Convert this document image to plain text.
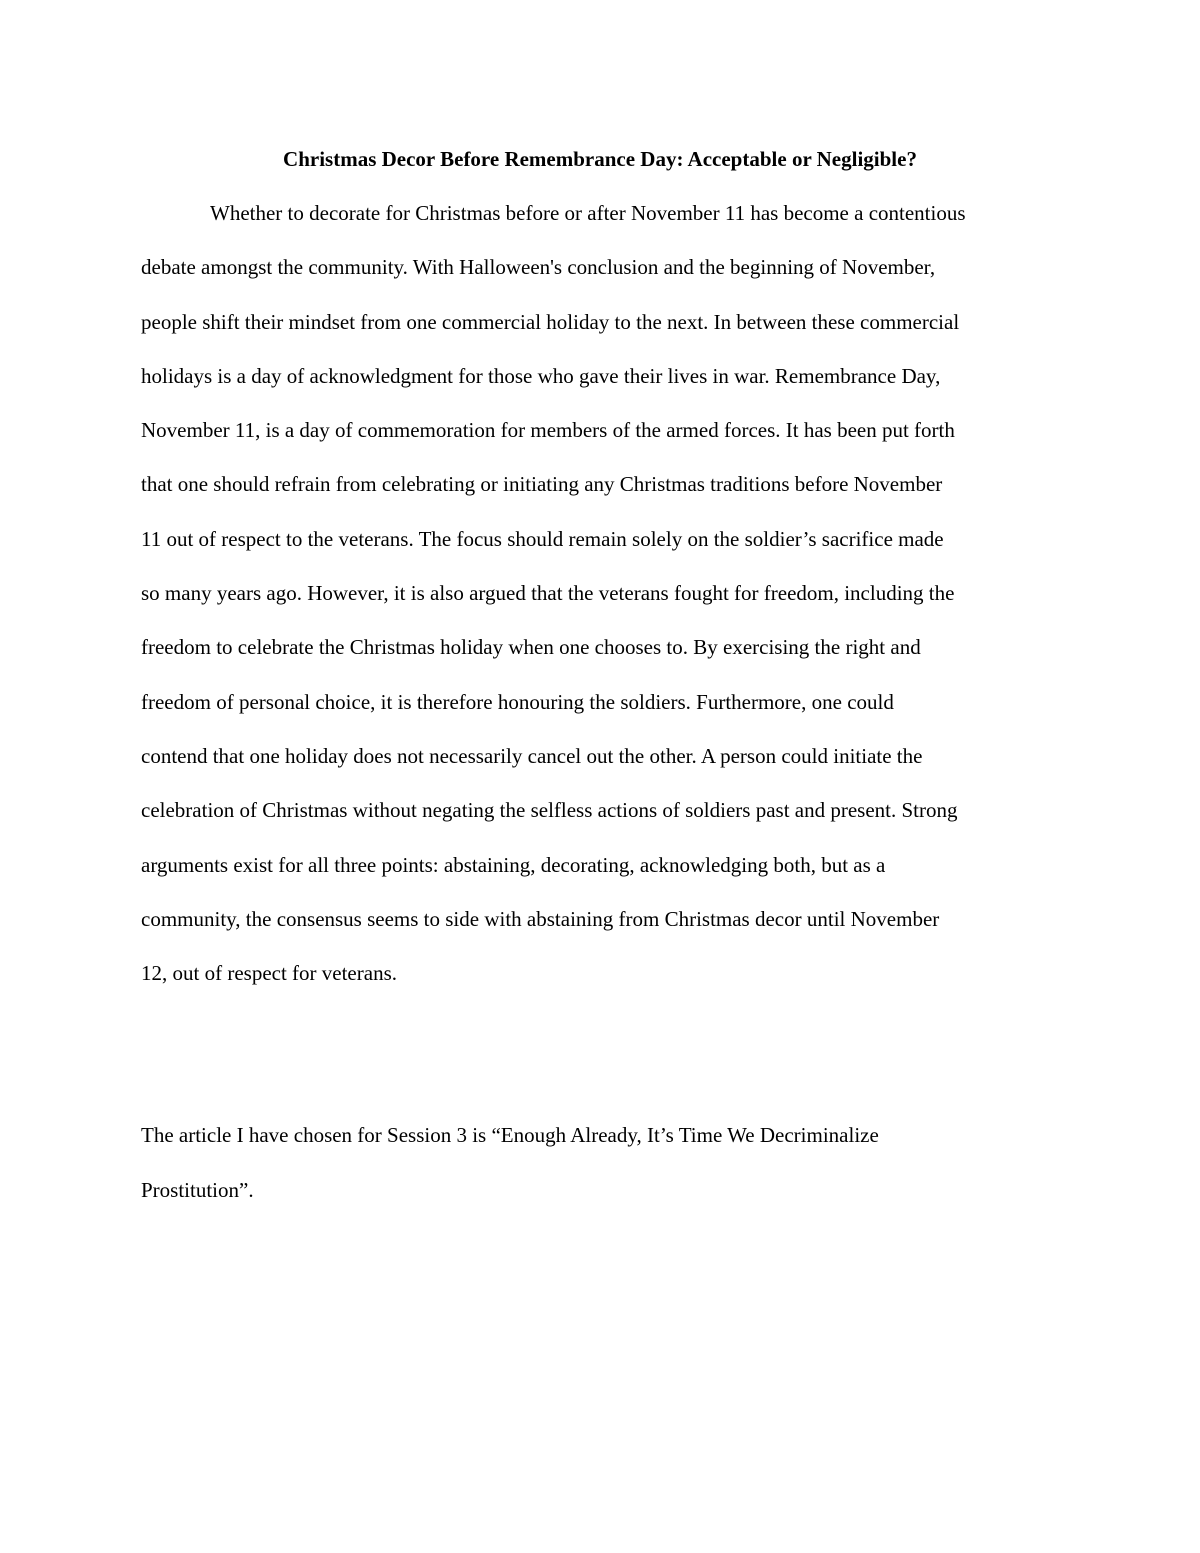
Christmas Decor Before Remembrance Day: Acceptable or Negligible?

Whether to decorate for Christmas before or after November 11 has become a contentious

debate amongst the community. With Halloween's conclusion and the beginning of November,

people shift their mindset from one commercial holiday to the next. In between these commercial

holidays is a day of acknowledgment for those who gave their lives in war. Remembrance Day,

November 11, is a day of commemoration for members of the armed forces. It has been put forth

that one should refrain from celebrating or initiating any Christmas traditions before November

11 out of respect to the veterans. The focus should remain solely on the soldier’s sacrifice made

so many years ago. However, it is also argued that the veterans fought for freedom, including the

freedom to celebrate the Christmas holiday when one chooses to. By exercising the right and

freedom of personal choice, it is therefore honouring the soldiers. Furthermore, one could

contend that one holiday does not necessarily cancel out the other. A person could initiate the

celebration of Christmas without negating the selfless actions of soldiers past and present. Strong

arguments exist for all three points: abstaining, decorating, acknowledging both, but as a

community, the consensus seems to side with abstaining from Christmas decor until November

12, out of respect for veterans.

The article I have chosen for Session 3 is “Enough Already, It’s Time We Decriminalize

Prostitution”.
